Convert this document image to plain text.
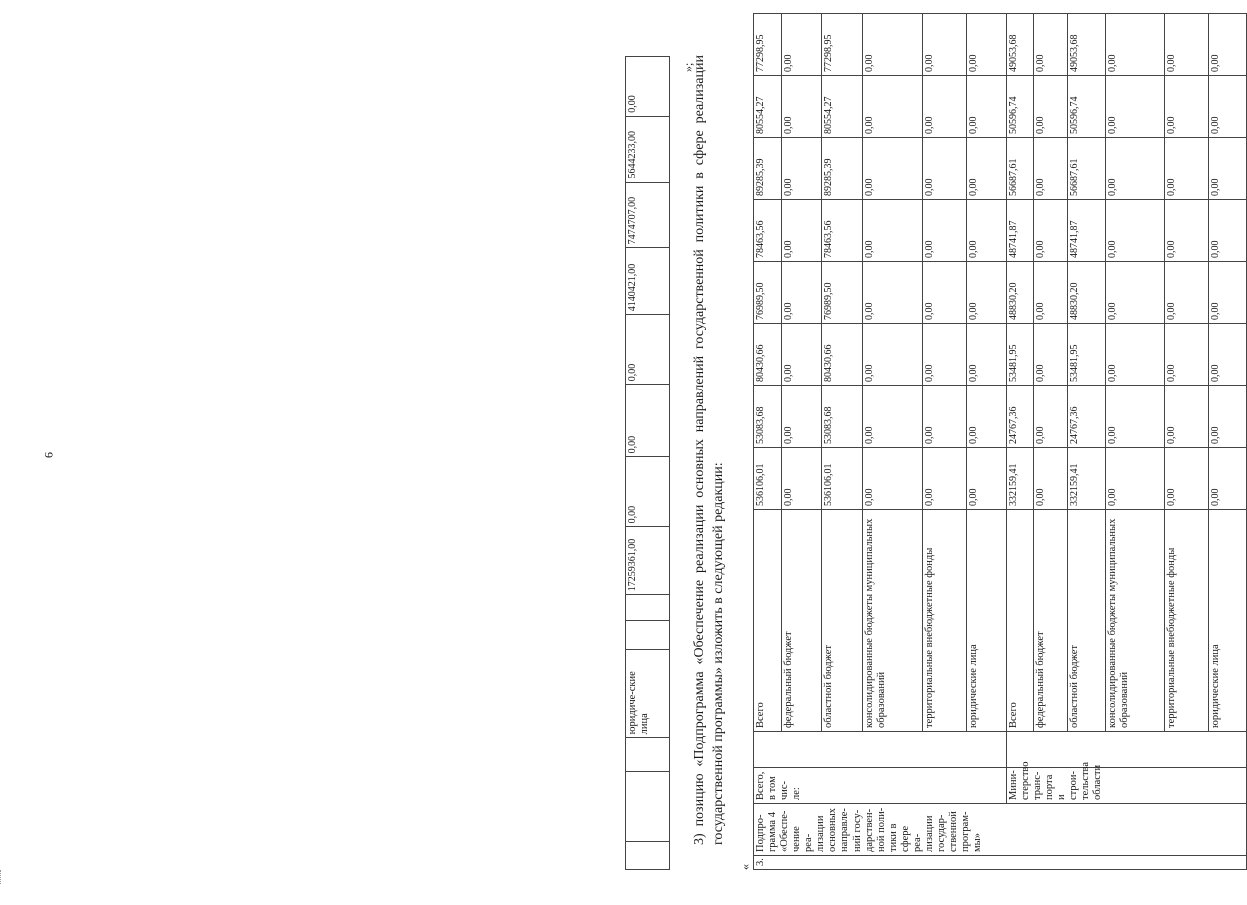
9
			юридиче-ские лица			17259361,00	0,00	0,00	0,00	4140421,00	7474707,00	5644233,00	0,00
»;
3) позицию «Подпрограмма «Обеспечение реализации основных направлений государственной политики в сфере реализации государственной программы» изложить в следующей редакции:
«
3.	Подпро-грамма 4 «Обеспе-чение реа-лизации основных направле-ний госу-дарствен-ной поли-тики в сфере реа-лизации государ-ственной програм-мы»	Всего, в том чис-ле:		Всего	536106,01	53083,68	80430,66	76989,50	78463,56	89285,39	80554,27	77298,95
				федеральный бюджет	0,00	0,00	0,00	0,00	0,00	0,00	0,00	0,00
				областной бюджет	536106,01	53083,68	80430,66	76989,50	78463,56	89285,39	80554,27	77298,95
				консолидированные бюджеты муниципальных образований	0,00	0,00	0,00	0,00	0,00	0,00	0,00	0,00
				территориальные внебюджетные фонды	0,00	0,00	0,00	0,00	0,00	0,00	0,00	0,00
				юридические лица	0,00	0,00	0,00	0,00	0,00	0,00	0,00	0,00
		Мини-стерство транс-порта и строи-тельства области		Всего	332159,41	24767,36	53481,95	48830,20	48741,87	56687,61	50596,74	49053,68
				федеральный бюджет	0,00	0,00	0,00	0,00	0,00	0,00	0,00	0,00
				областной бюджет	332159,41	24767,36	53481,95	48830,20	48741,87	56687,61	50596,74	49053,68
				консолидированные бюджеты муниципальных образований	0,00	0,00	0,00	0,00	0,00	0,00	0,00	0,00
				территориальные внебюджетные фонды	0,00	0,00	0,00	0,00	0,00	0,00	0,00	0,00
				юридические лица	0,00	0,00	0,00	0,00	0,00	0,00	0,00	0,00
